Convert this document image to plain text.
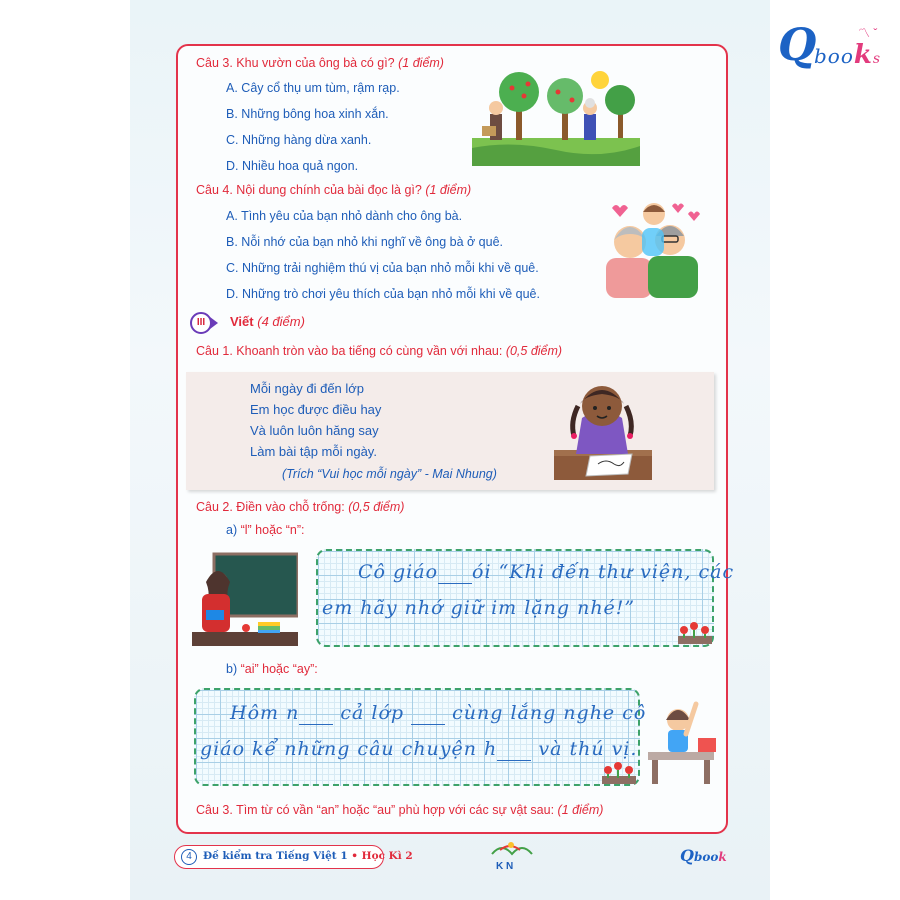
Q
books
〽 ˇ
Câu 3. Khu vườn của ông bà có gì? (1 điểm)
A. Cây cổ thụ um tùm, rậm rạp.
B. Những bông hoa xinh xắn.
C. Những hàng dừa xanh.
D. Nhiều hoa quả ngon.
Câu 4. Nội dung chính của bài đọc là gì? (1 điểm)
A. Tình yêu của bạn nhỏ dành cho ông bà.
B. Nỗi nhớ của bạn nhỏ khi nghĩ về ông bà ở quê.
C. Những trải nghiệm thú vị của bạn nhỏ mỗi khi về quê.
D. Những trò chơi yêu thích của bạn nhỏ mỗi khi về quê.
III	Viết (4 điểm)
Câu 1. Khoanh tròn vào ba tiếng có cùng vần với nhau: (0,5 điểm)
Mỗi ngày đi đến lớp
Em học được điều hay
Và luôn luôn hăng say
Làm bài tập mỗi ngày.
(Trích “Vui học mỗi ngày” - Mai Nhung)
Câu 2. Điền vào chỗ trống: (0,5 điểm)
a) “l” hoặc “n”:
Cô giáo ói “Khi đến thư viện, các
em hãy nhớ giữ im lặng nhé!”
b) “ai” hoặc “ay”:
Hôm n cả lớp	cùng lắng nghe cô
giáo kể những câu chuyện h và thú vị.
Câu 3. Tìm từ có vần “an” hoặc “au” phù hợp với các sự vật sau: (1 điểm)
4	Đề kiểm tra Tiếng Việt 1 • Học Kì 2
K N
Qbook
